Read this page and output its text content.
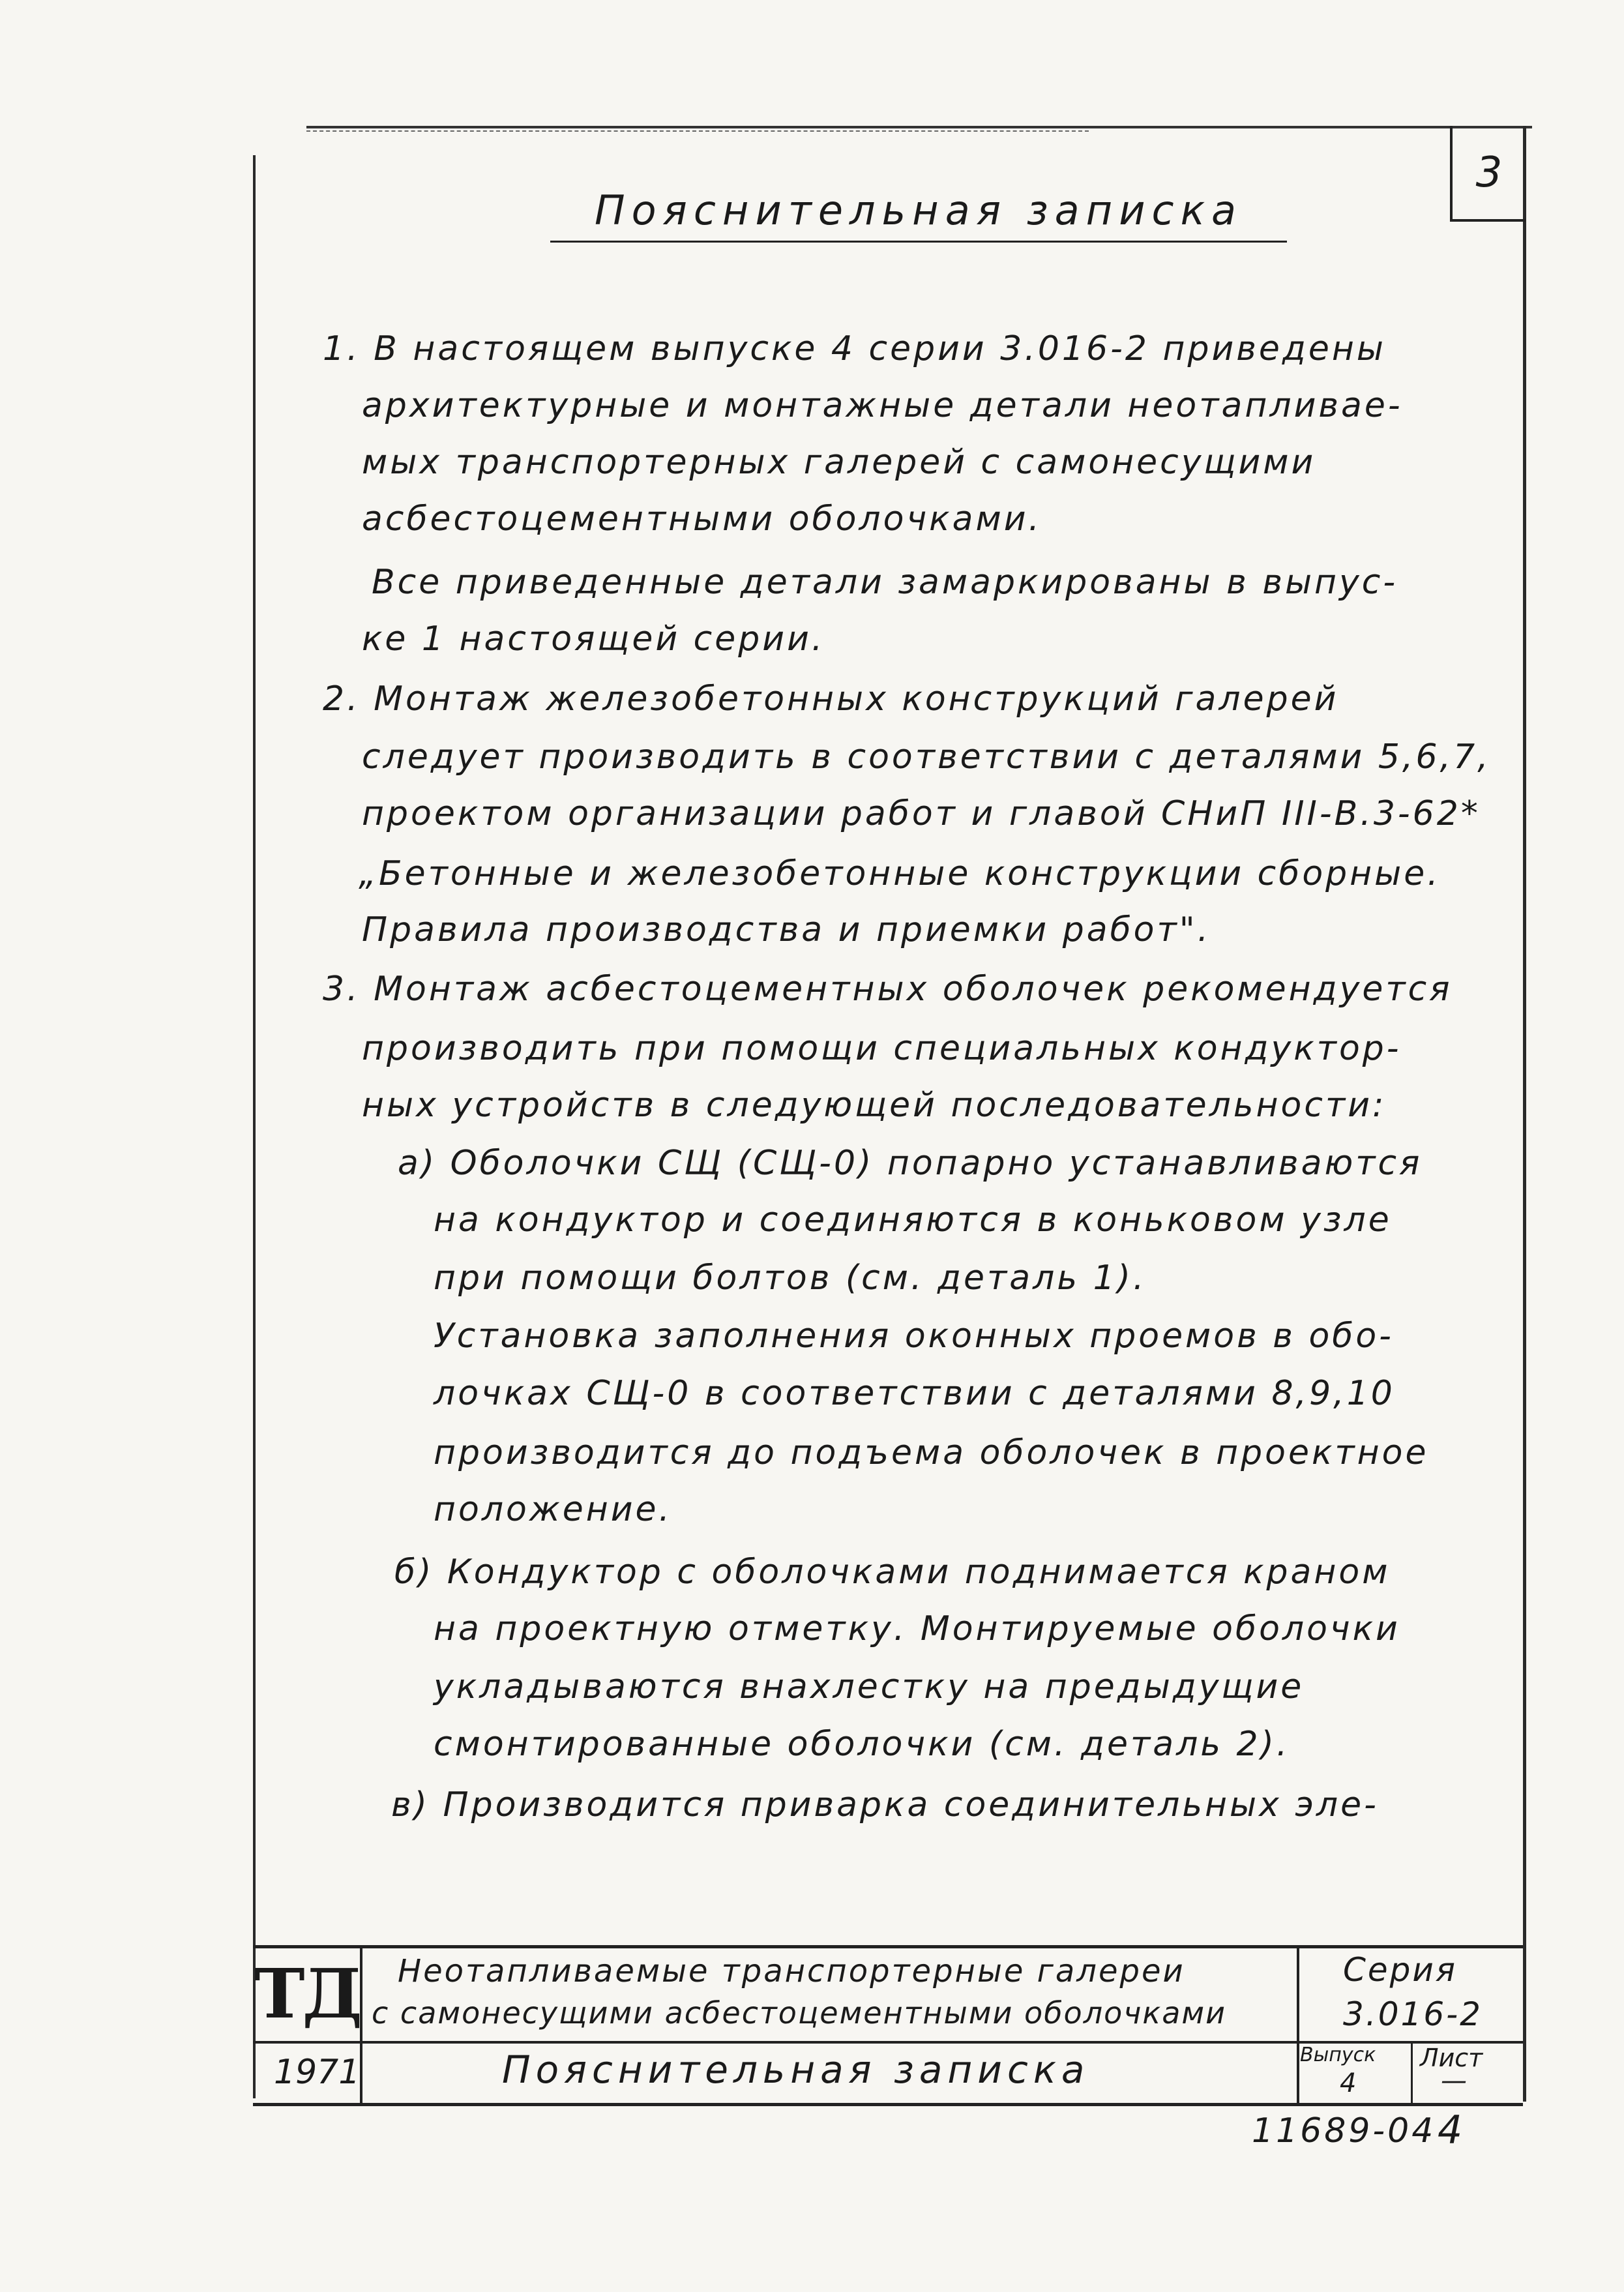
3
Пояснительная записка
1. В настоящем выпуске 4 серии 3.016-2 приведены
архитектурные и монтажные детали неотапливае-
мых транспортерных галерей с самонесущими
асбестоцементными оболочками.
Все приведенные детали замаркированы в выпус-
ке 1 настоящей серии.
2. Монтаж железобетонных конструкций галерей
следует производить в соответствии с деталями 5,6,7,
проектом организации работ и главой СНиП III-В.3-62*
„Бетонные и железобетонные конструкции сборные.
Правила производства и приемки работ".
3. Монтаж асбестоцементных оболочек рекомендуется
производить при помощи специальных кондуктор-
ных устройств в следующей последовательности:
а) Оболочки СЩ (СЩ-0) попарно устанавливаются
на кондуктор и соединяются в коньковом узле
при помощи болтов (см. деталь 1).
Установка заполнения оконных проемов в обо-
лочках СЩ-0 в соответствии с деталями 8,9,10
производится до подъема оболочек в проектное
положение.
б) Кондуктор с оболочками поднимается краном
на проектную отметку. Монтируемые оболочки
укладываются внахлестку на предыдущие
смонтированные оболочки (см. деталь 2).
в) Производится приварка соединительных эле-
ТД Неотапливаемые транспортерные галереи
с самонесущими асбестоцементными оболочками
Серия
3.016-2
1971	Пояснительная записка	Выпуск
4
Лист
—
11689-04 4
